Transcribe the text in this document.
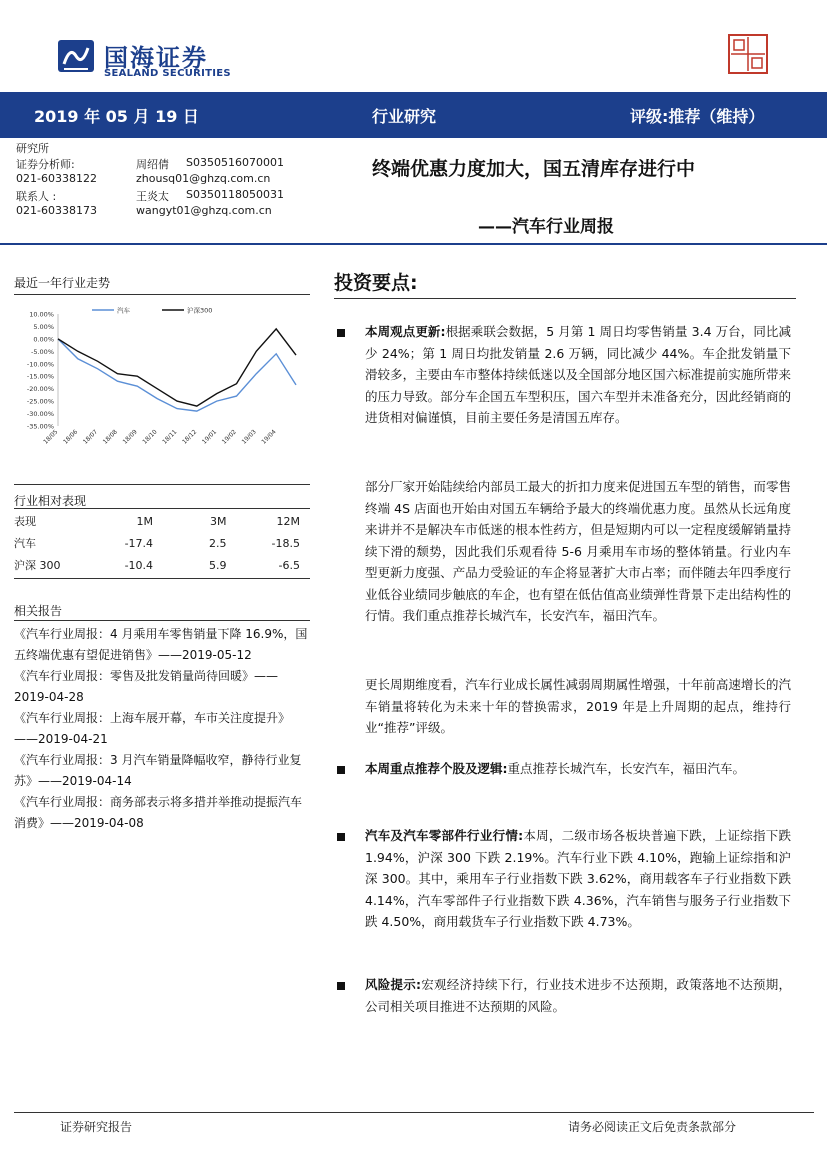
国海证券
SEALAND SECURITIES
2019 年 05 月 19 日	行业研究	评级:推荐（维持）
研究所
证券分析师:	周绍倩 S0350516070001
021-60338122	zhousq01@ghzq.com.cn
联系人 :	王炎太 S0350118050031
021-60338173	wangyt01@ghzq.com.cn
终端优惠力度加大，国五清库存进行中
——汽车行业周报
最近一年行业走势
汽车	沪深300
10.00%
5.00%
0.00%
-5.00%
-10.00%
-15.00%
-20.00%
-25.00%
-30.00%
-35.00%
18/05 18/06 18/07 18/08 18/09 18/10 18/11 18/12 19/01 19/02 19/03 19/04
行业相对表现
表现	1M	3M	12M
汽车	-17.4	2.5	-18.5
沪深 300	-10.4	5.9	-6.5
相关报告

《汽车行业周报：4 月乘用车零售销量下降 16.9%，国五终端优惠有望促进销售》——2019-05-12

《汽车行业周报：零售及批发销量尚待回暖》——2019-04-28

《汽车行业周报：上海车展开幕，车市关注度提升》——2019-04-21

《汽车行业周报：3 月汽车销量降幅收窄，静待行业复苏》——2019-04-14

《汽车行业周报：商务部表示将多措并举推动提振汽车消费》——2019-04-08

投资要点:
本周观点更新:根据乘联会数据，5 月第 1 周日均零售销量 3.4 万台，同比减少 24%；第 1 周日均批发销量 2.6 万辆，同比减少 44%。车企批发销量下滑较多，主要由车市整体持续低迷以及全国部分地区国六标准提前实施所带来的压力导致。部分车企国五车型积压，国六车型并未准备充分，因此经销商的进货相对偏谨慎，目前主要任务是清国五库存。
部分厂家开始陆续给内部员工最大的折扣力度来促进国五车型的销售，而零售终端 4S 店面也开始由对国五车辆给予最大的终端优惠力度。虽然从长远角度来讲并不是解决车市低迷的根本性药方，但是短期内可以一定程度缓解销量持续下滑的颓势，因此我们乐观看待 5-6 月乘用车市场的整体销量。行业内车型更新力度强、产品力受验证的车企将显著扩大市占率；而伴随去年四季度行业低谷业绩同步触底的车企，也有望在低估值高业绩弹性背景下走出结构性的行情。我们重点推荐长城汽车，长安汽车，福田汽车。
更长周期维度看，汽车行业成长属性减弱周期属性增强，十年前高速增长的汽车销量将转化为未来十年的替换需求，2019 年是上升周期的起点，维持行业“推荐”评级。
本周重点推荐个股及逻辑:重点推荐长城汽车，长安汽车，福田汽车。
汽车及汽车零部件行业行情:本周，二级市场各板块普遍下跌，上证综指下跌 1.94%，沪深 300 下跌 2.19%。汽车行业下跌 4.10%，跑输上证综指和沪深 300。其中，乘用车子行业指数下跌 3.62%，商用载客车子行业指数下跌 4.14%，汽车零部件子行业指数下跌 4.36%，汽车销售与服务子行业指数下跌 4.50%，商用载货车子行业指数下跌 4.73%。
风险提示:宏观经济持续下行，行业技术进步不达预期，政策落地不达预期，公司相关项目推进不达预期的风险。
证券研究报告	请务必阅读正文后免责条款部分
